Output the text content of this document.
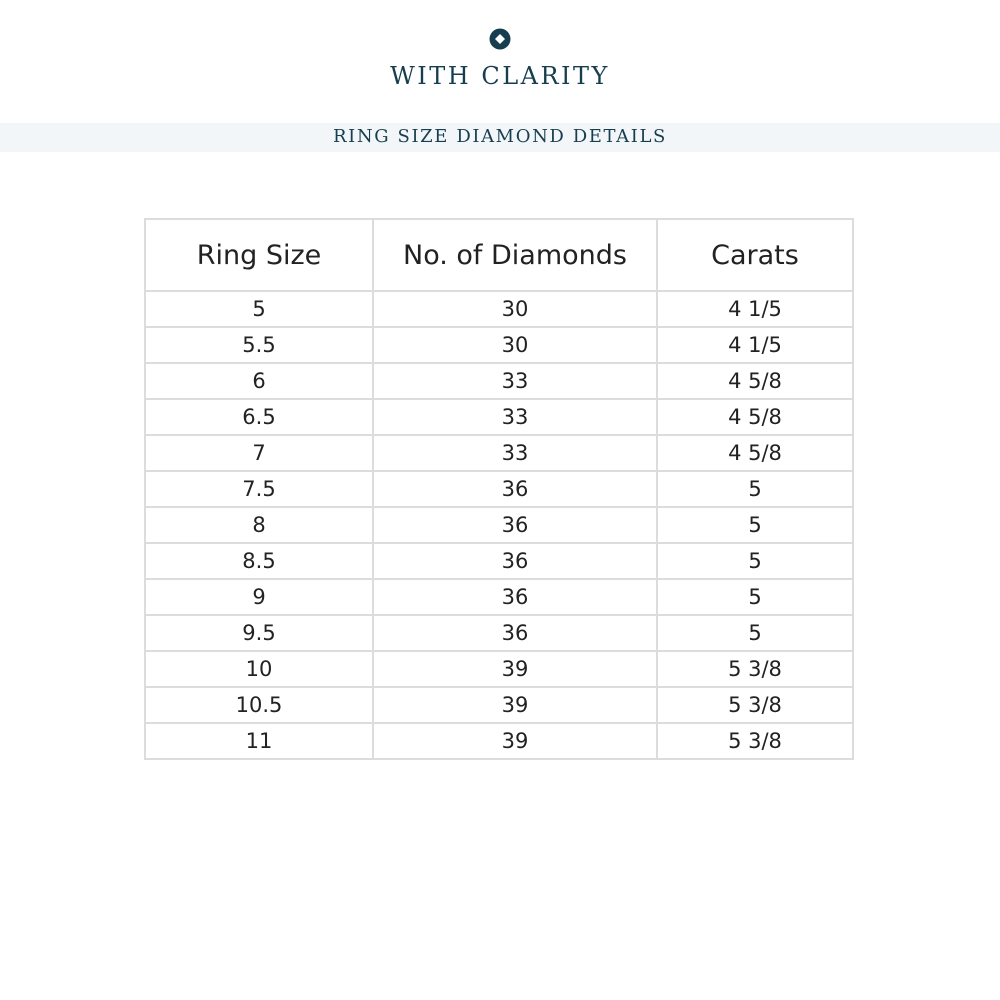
WITH CLARITY
RING SIZE DIAMOND DETAILS
Ring Size	No. of Diamonds	Carats
5	30	4 1/5
5.5	30	4 1/5
6	33	4 5/8
6.5	33	4 5/8
7	33	4 5/8
7.5	36	5
8	36	5
8.5	36	5
9	36	5
9.5	36	5
10	39	5 3/8
10.5	39	5 3/8
11	39	5 3/8
